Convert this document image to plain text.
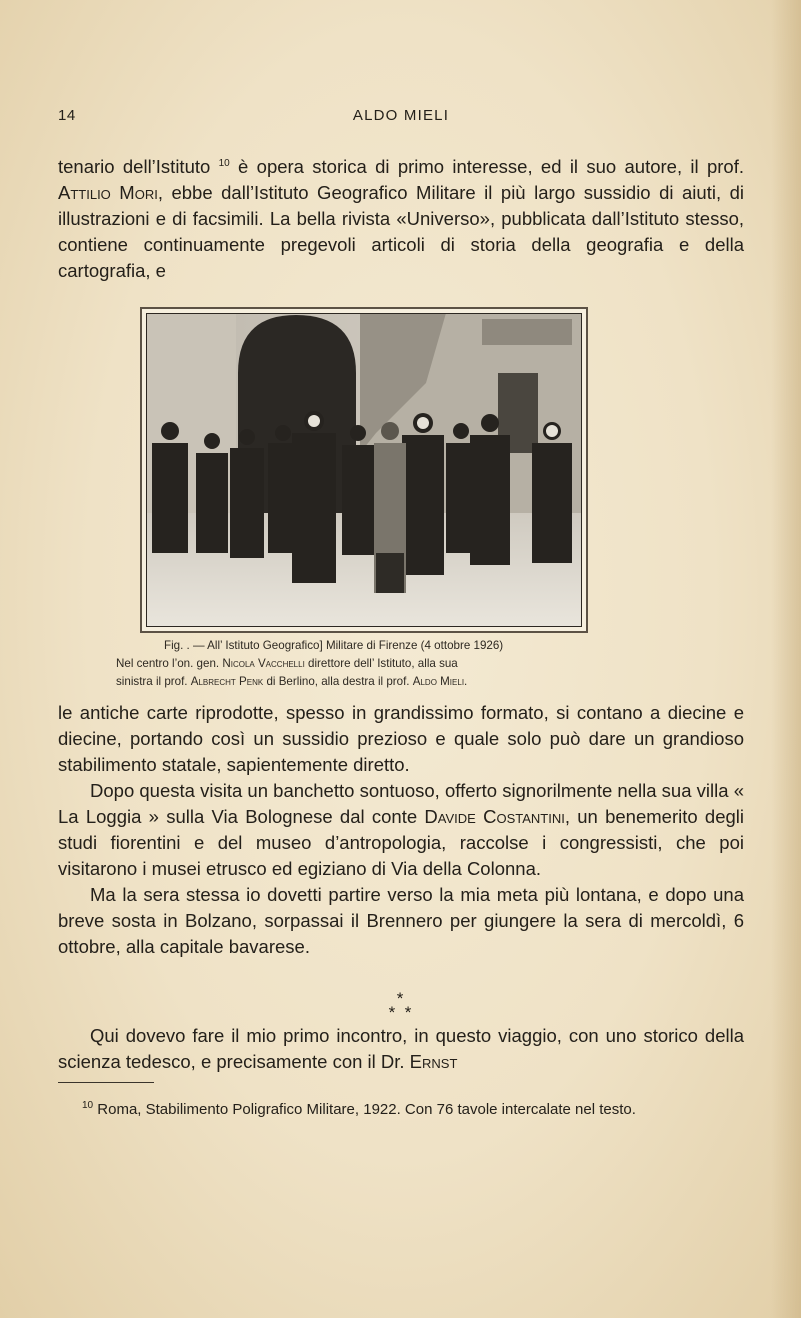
14	ALDO MIELI

tenario dell’Istituto $^{10}$ è opera storica di primo interesse, ed il suo autore, il prof. Attilio Mori, ebbe dall’Istituto Geografico Militare il più largo sussidio di aiuti, di illustrazioni e di facsimili. La bella rivista «Universo», pubblicata dall’Istituto stesso, contiene continuamente pregevoli articoli di storia della geografia e della cartografia, e

Fig. . — All’ Istituto Geografico] Militare di Firenze (4 ottobre 1926)

Nel centro l’on. gen. Nicola Vacchelli direttore dell’ Istituto, alla sua

sinistra il prof. Albrecht Penk di Berlino, alla destra il prof. Aldo Mieli.

le antiche carte riprodotte, spesso in grandissimo formato, si contano a diecine e diecine, portando così un sussidio prezioso e quale solo può dare un grandioso stabilimento statale, sapientemente diretto.

Dopo questa visita un banchetto sontuoso, offerto signorilmente nella sua villa « La Loggia » sulla Via Bolognese dal conte Davide Costantini, un benemerito degli studi fiorentini e del museo d’antropologia, raccolse i congressisti, che poi visitarono i musei etrusco ed egiziano di Via della Colonna.

Ma la sera stessa io dovetti partire verso la mia meta più lontana, e dopo una breve sosta in Bolzano, sorpassai il Brennero per giungere la sera di mercoldì, 6 ottobre, alla capitale bavarese.

*
*  *

Qui dovevo fare il mio primo incontro, in questo viaggio, con uno storico della scienza tedesco, e precisamente con il Dr. Ernst

$^{10}$ Roma, Stabilimento Poligrafico Militare, 1922. Con 76 tavole intercalate nel testo.
